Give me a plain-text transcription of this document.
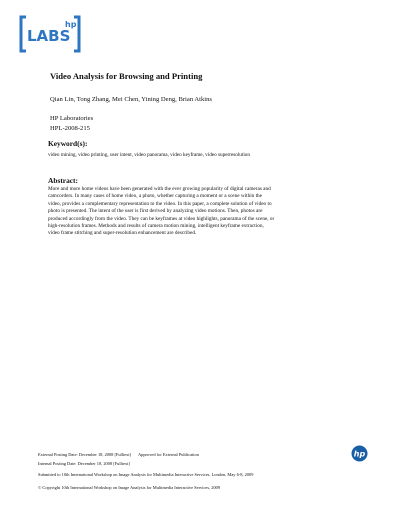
LABS
hp
Video Analysis for Browsing and Printing
Qian Lin, Tong Zhang, Mei Chen, Yining Deng, Brian Atkins
HP Laboratories
HPL-2008-215
Keyword(s):
video mining, video printing, user intent, video panorama, video keyframe, video superresolution
Abstract:
More and more home videos have been generated with the ever growing popularity of digital cameras and
camcorders. In many cases of home video, a photo, whether capturing a moment or a scene within the
video, provides a complementary representation to the video. In this paper, a complete solution of video to
photo is presented. The intent of the user is first derived by analyzing video motions. Then, photos are
produced accordingly from the video. They can be keyframes at video highlights, panorama of the scene, or
high-resolution frames. Methods and results of camera motion mining, intelligent keyframe extraction,
video frame stitching and super-resolution enhancement are described.
External Posting Date: December 18, 2008 [Fulltext] Approved for External Publication
Internal Posting Date: December 18, 2008 [Fulltext]
Submitted to 10th International Workshop on Image Analysis for Multimedia Interactive Services, London, May 6-8, 2009
© Copyright 10th International Workshop on Image Analysis for Multimedia Interactive Services, 2009
hp
